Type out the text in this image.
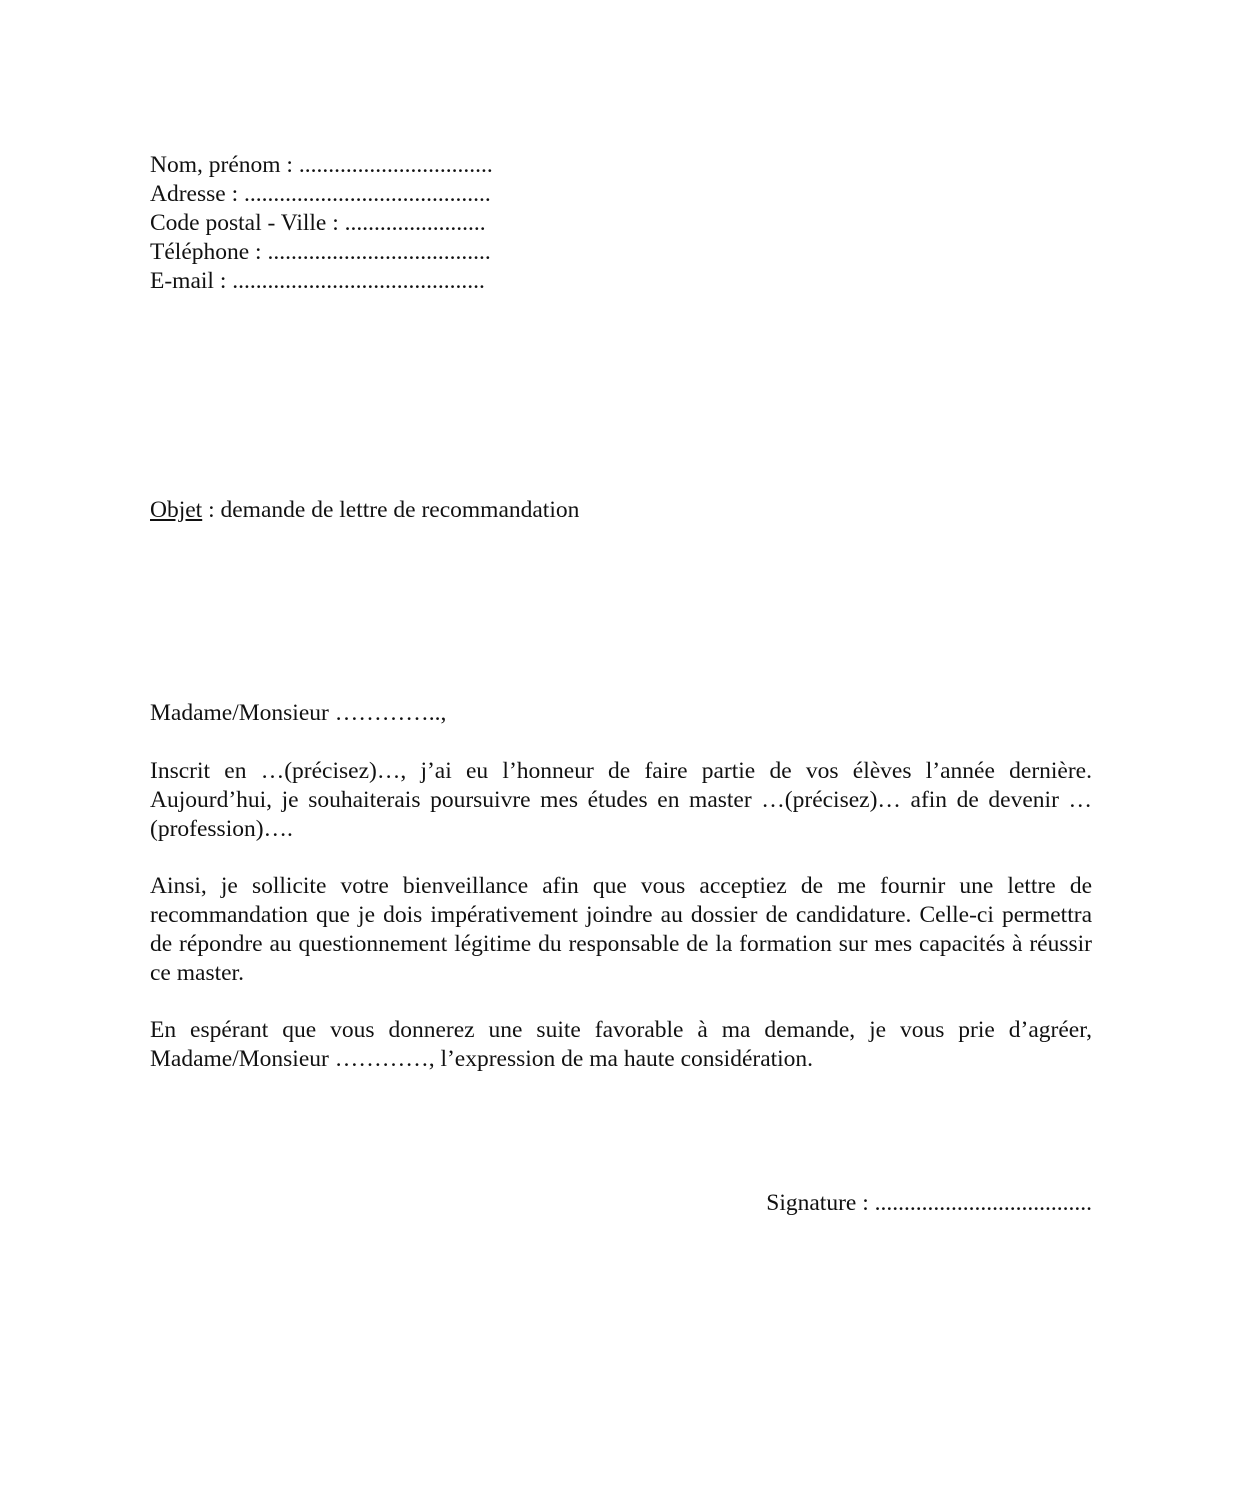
Nom, prénom : .................................
Adresse : ..........................................
Code postal - Ville : ........................
Téléphone : ......................................
E-mail : ...........................................
Objet : demande de lettre de recommandation
Madame/Monsieur …………..,
Inscrit en …(précisez)…, j’ai eu l’honneur de faire partie de vos élèves l’année dernière. Aujourd’hui, je souhaiterais poursuivre mes études en master …(précisez)… afin de devenir …(profession)….
Ainsi, je sollicite votre bienveillance afin que vous acceptiez de me fournir une lettre de recommandation que je dois impérativement joindre au dossier de candidature. Celle-ci permettra de répondre au questionnement légitime du responsable de la formation sur mes capacités à réussir ce master.
En espérant que vous donnerez une suite favorable à ma demande, je vous prie d’agréer, Madame/Monsieur …………, l’expression de ma haute considération.
Signature : .....................................
